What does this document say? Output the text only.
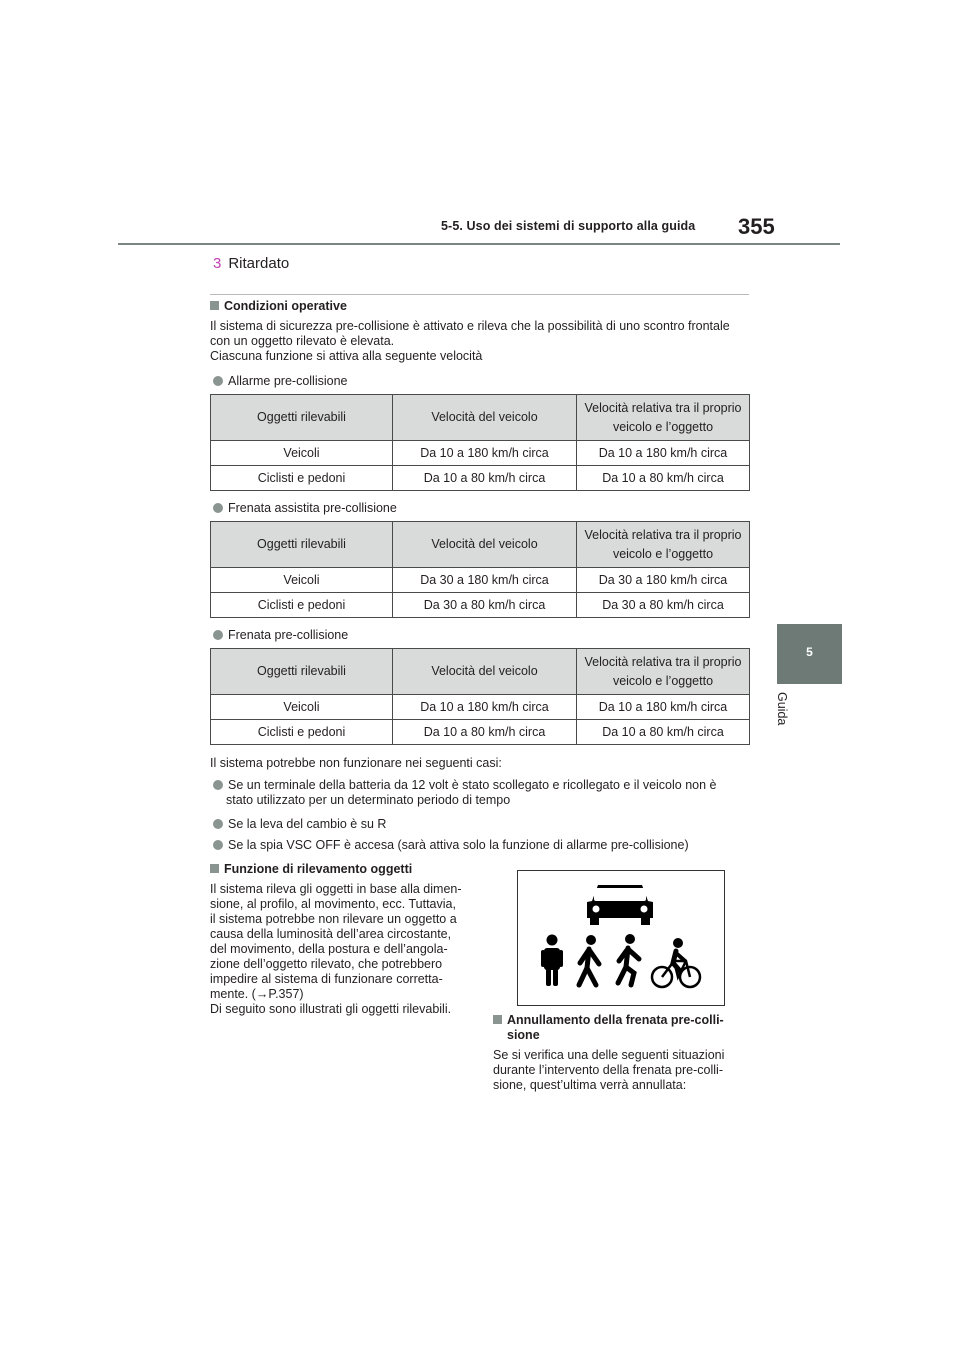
5-5. Uso dei sistemi di supporto alla guida 355
5
Guida
3 Ritardato
Condizioni operative
Il sistema di sicurezza pre-collisione è attivato e rileva che la possibilità di uno scontro frontale
con un oggetto rilevato è elevata.
Ciascuna funzione si attiva alla seguente velocità
Allarme pre-collisione
Oggetti rilevabili	Velocità del veicolo	Velocità relativa tra il proprio
veicolo e l’oggetto
Veicoli	Da 10 a 180 km/h circa	Da 10 a 180 km/h circa
Ciclisti e pedoni	Da 10 a 80 km/h circa	Da 10 a 80 km/h circa
Frenata assistita pre-collisione
Oggetti rilevabili	Velocità del veicolo	Velocità relativa tra il proprio
veicolo e l’oggetto
Veicoli	Da 30 a 180 km/h circa	Da 30 a 180 km/h circa
Ciclisti e pedoni	Da 30 a 80 km/h circa	Da 30 a 80 km/h circa
Frenata pre-collisione
Oggetti rilevabili	Velocità del veicolo	Velocità relativa tra il proprio
veicolo e l’oggetto
Veicoli	Da 10 a 180 km/h circa	Da 10 a 180 km/h circa
Ciclisti e pedoni	Da 10 a 80 km/h circa	Da 10 a 80 km/h circa
Il sistema potrebbe non funzionare nei seguenti casi:
Se un terminale della batteria da 12 volt è stato scollegato e ricollegato e il veicolo non è
stato utilizzato per un determinato periodo di tempo
Se la leva del cambio è su R
Se la spia VSC OFF è accesa (sarà attiva solo la funzione di allarme pre-collisione)
Funzione di rilevamento oggetti
Il sistema rileva gli oggetti in base alla dimen-
sione, al profilo, al movimento, ecc. Tuttavia,
il sistema potrebbe non rilevare un oggetto a
causa della luminosità dell’area circostante,
del movimento, della postura e dell’angola-
zione dell’oggetto rilevato, che potrebbero
impedire al sistema di funzionare corretta-
mente. (→P.357)
Di seguito sono illustrati gli oggetti rilevabili.
Annullamento della frenata pre-colli-
sione
Se si verifica una delle seguenti situazioni
durante l’intervento della frenata pre-colli-
sione, quest’ultima verrà annullata:
